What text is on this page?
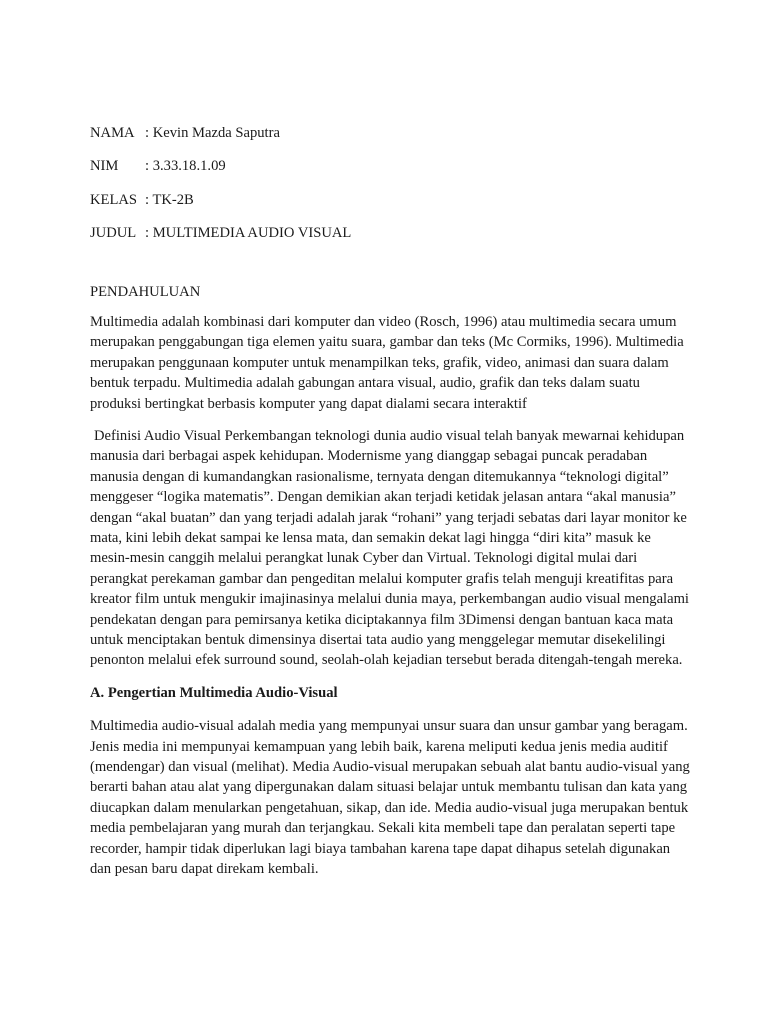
NAMA : Kevin Mazda Saputra
NIM	: 3.33.18.1.09
KELAS : TK-2B
JUDUL : MULTIMEDIA AUDIO VISUAL
PENDAHULUAN

Multimedia adalah kombinasi dari komputer dan video (Rosch, 1996) atau multimedia secara umum merupakan penggabungan tiga elemen yaitu suara, gambar dan teks (Mc Cormiks, 1996). Multimedia merupakan penggunaan komputer untuk menampilkan teks, grafik, video, animasi dan suara dalam bentuk terpadu. Multimedia adalah gabungan antara visual, audio, grafik dan teks dalam suatu produksi bertingkat berbasis komputer yang dapat dialami secara interaktif

Definisi Audio Visual Perkembangan teknologi dunia audio visual telah banyak mewarnai kehidupan manusia dari berbagai aspek kehidupan. Modernisme yang dianggap sebagai puncak peradaban manusia dengan di kumandangkan rasionalisme, ternyata dengan ditemukannya “teknologi digital” menggeser “logika matematis”. Dengan demikian akan terjadi ketidak jelasan antara “akal manusia” dengan “akal buatan” dan yang terjadi adalah jarak “rohani” yang terjadi sebatas dari layar monitor ke mata, kini lebih dekat sampai ke lensa mata, dan semakin dekat lagi hingga “diri kita” masuk ke mesin-mesin canggih melalui perangkat lunak Cyber dan Virtual. Teknologi digital mulai dari perangkat perekaman gambar dan pengeditan melalui komputer grafis telah menguji kreatifitas para kreator film untuk mengukir imajinasinya melalui dunia maya, perkembangan audio visual mengalami pendekatan dengan para pemirsanya ketika diciptakannya film 3Dimensi dengan bantuan kaca mata untuk menciptakan bentuk dimensinya disertai tata audio yang menggelegar memutar disekelilingi penonton melalui efek surround sound, seolah-olah kejadian tersebut berada ditengah-tengah mereka.

A. Pengertian Multimedia Audio-Visual

Multimedia audio-visual adalah media yang mempunyai unsur suara dan unsur gambar yang beragam. Jenis media ini mempunyai kemampuan yang lebih baik, karena meliputi kedua jenis media auditif (mendengar) dan visual (melihat). Media Audio-visual merupakan sebuah alat bantu audio-visual yang berarti bahan atau alat yang dipergunakan dalam situasi belajar untuk membantu tulisan dan kata yang diucapkan dalam menularkan pengetahuan, sikap, dan ide. Media audio-visual juga merupakan bentuk media pembelajaran yang murah dan terjangkau. Sekali kita membeli tape dan peralatan seperti tape recorder, hampir tidak diperlukan lagi biaya tambahan karena tape dapat dihapus setelah digunakan dan pesan baru dapat direkam kembali.
